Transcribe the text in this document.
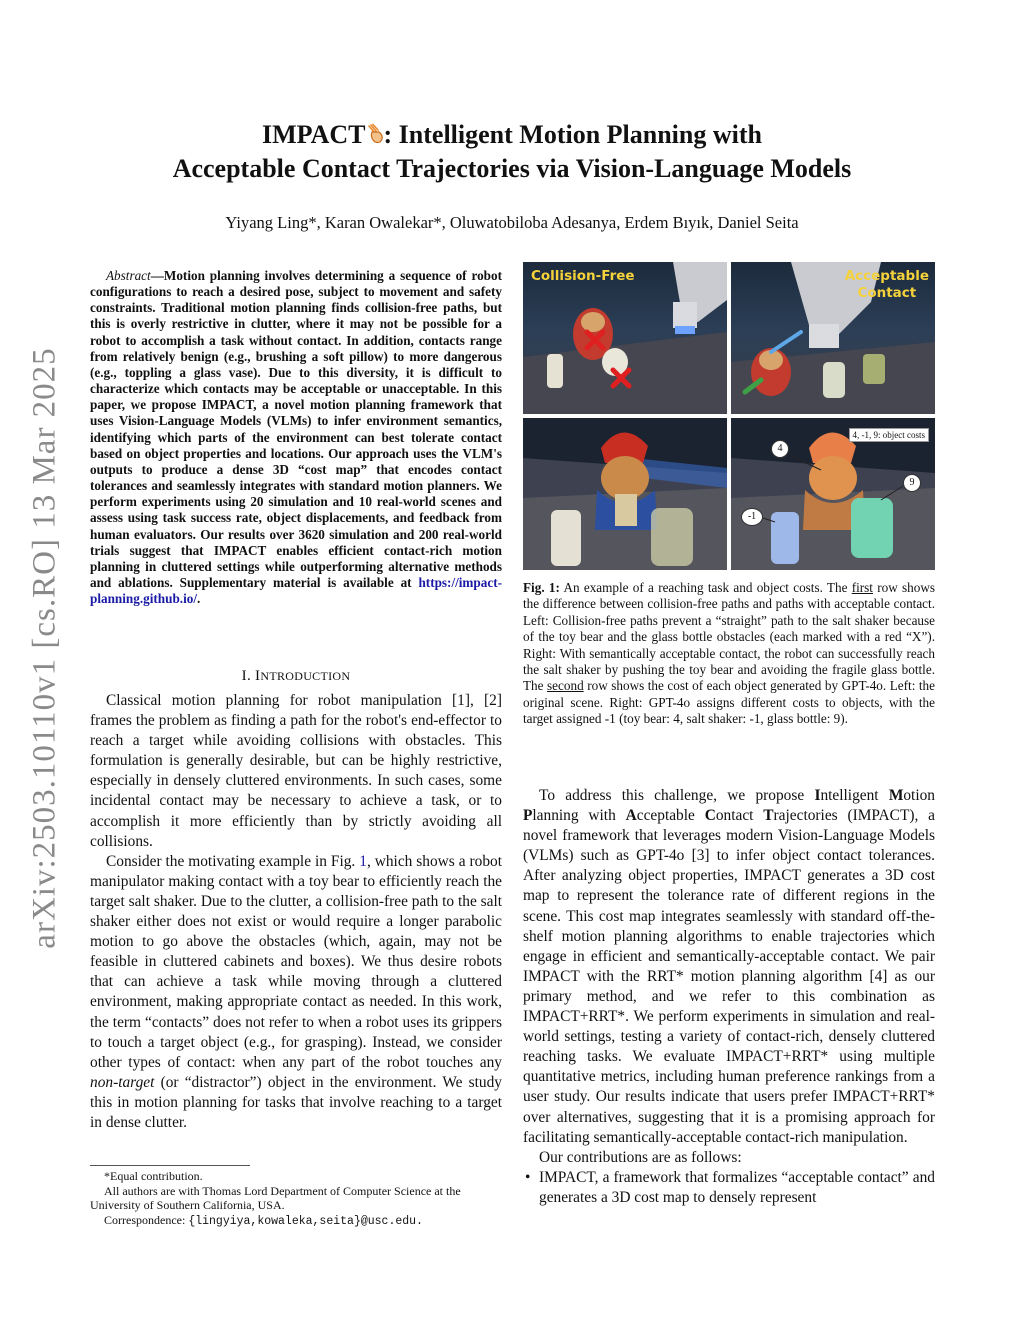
arXiv:2503.10110v1 [cs.RO] 13 Mar 2025
IMPACT : Intelligent Motion Planning with
Acceptable Contact Trajectories via Vision-Language Models
Yiyang Ling*, Karan Owalekar*, Oluwatobiloba Adesanya, Erdem Bıyık, Daniel Seita
Abstract—Motion planning involves determining a sequence of robot configurations to reach a desired pose, subject to movement and safety constraints. Traditional motion planning finds collision-free paths, but this is overly restrictive in clutter, where it may not be possible for a robot to accomplish a task without contact. In addition, contacts range from relatively benign (e.g., brushing a soft pillow) to more dangerous (e.g., toppling a glass vase). Due to this diversity, it is difficult to characterize which contacts may be acceptable or unacceptable. In this paper, we propose IMPACT, a novel motion planning framework that uses Vision-Language Models (VLMs) to infer environment semantics, identifying which parts of the environment can best tolerate contact based on object properties and locations. Our approach uses the VLM's outputs to produce a dense 3D “cost map” that encodes contact tolerances and seamlessly integrates with standard motion planners. We perform experiments using 20 simulation and 10 real-world scenes and assess using task success rate, object displacements, and feedback from human evaluators. Our results over 3620 simulation and 200 real-world trials suggest that IMPACT enables efficient contact-rich motion planning in cluttered settings while outperforming alternative methods and ablations. Supplementary material is available at https://impact-planning.github.io/.
I. INTRODUCTION

Classical motion planning for robot manipulation [1], [2] frames the problem as finding a path for the robot's end-effector to reach a target while avoiding collisions with obstacles. This formulation is generally desirable, but can be highly restrictive, especially in densely cluttered environments. In such cases, some incidental contact may be necessary to achieve a task, or to accomplish it more efficiently than by strictly avoiding all collisions.

Consider the motivating example in Fig. 1, which shows a robot manipulator making contact with a toy bear to efficiently reach the target salt shaker. Due to the clutter, a collision-free path to the salt shaker either does not exist or would require a longer parabolic motion to go above the obstacles (which, again, may not be feasible in cluttered cabinets and boxes). We thus desire robots that can achieve a task while moving through a cluttered environment, making appropriate contact as needed. In this work, the term “contacts” does not refer to when a robot uses its grippers to touch a target object (e.g., for grasping). Instead, we consider other types of contact: when any part of the robot touches any non-target (or “distractor”) object in the environment. We study this in motion planning for tasks that involve reaching to a target in dense clutter.

*Equal contribution.
All authors are with Thomas Lord Department of Computer Science at the University of Southern California, USA.
Correspondence: {lingyiya,kowaleka,seita}@usc.edu.
Collision-Free	Acceptable
Contact
4, -1, 9: object costs
4
-1
9
Fig. 1: An example of a reaching task and object costs. The first row shows the difference between collision-free paths and paths with acceptable contact. Left: Collision-free paths prevent a “straight” path to the salt shaker because of the toy bear and the glass bottle obstacles (each marked with a red “X”). Right: With semantically acceptable contact, the robot can successfully reach the salt shaker by pushing the toy bear and avoiding the fragile glass bottle. The second row shows the cost of each object generated by GPT-4o. Left: the original scene. Right: GPT-4o assigns different costs to objects, with the target assigned -1 (toy bear: 4, salt shaker: -1, glass bottle: 9).

To address this challenge, we propose Intelligent Motion Planning with Acceptable Contact Trajectories (IMPACT), a novel framework that leverages modern Vision-Language Models (VLMs) such as GPT-4o [3] to infer object contact tolerances. After analyzing object properties, IMPACT generates a 3D cost map to represent the tolerance rate of different regions in the scene. This cost map integrates seamlessly with standard off-the-shelf motion planning algorithms to enable trajectories which engage in efficient and semantically-acceptable contact. We pair IMPACT with the RRT* motion planning algorithm [4] as our primary method, and we refer to this combination as IMPACT+RRT*. We perform experiments in simulation and real-world settings, testing a variety of contact-rich, densely cluttered reaching tasks. We evaluate IMPACT+RRT* using multiple quantitative metrics, including human preference rankings from a user study. Our results indicate that users prefer IMPACT+RRT* over alternatives, suggesting that it is a promising approach for facilitating semantically-acceptable contact-rich manipulation.

Our contributions are as follows:

• IMPACT, a framework that formalizes “acceptable contact” and generates a 3D cost map to densely represent
